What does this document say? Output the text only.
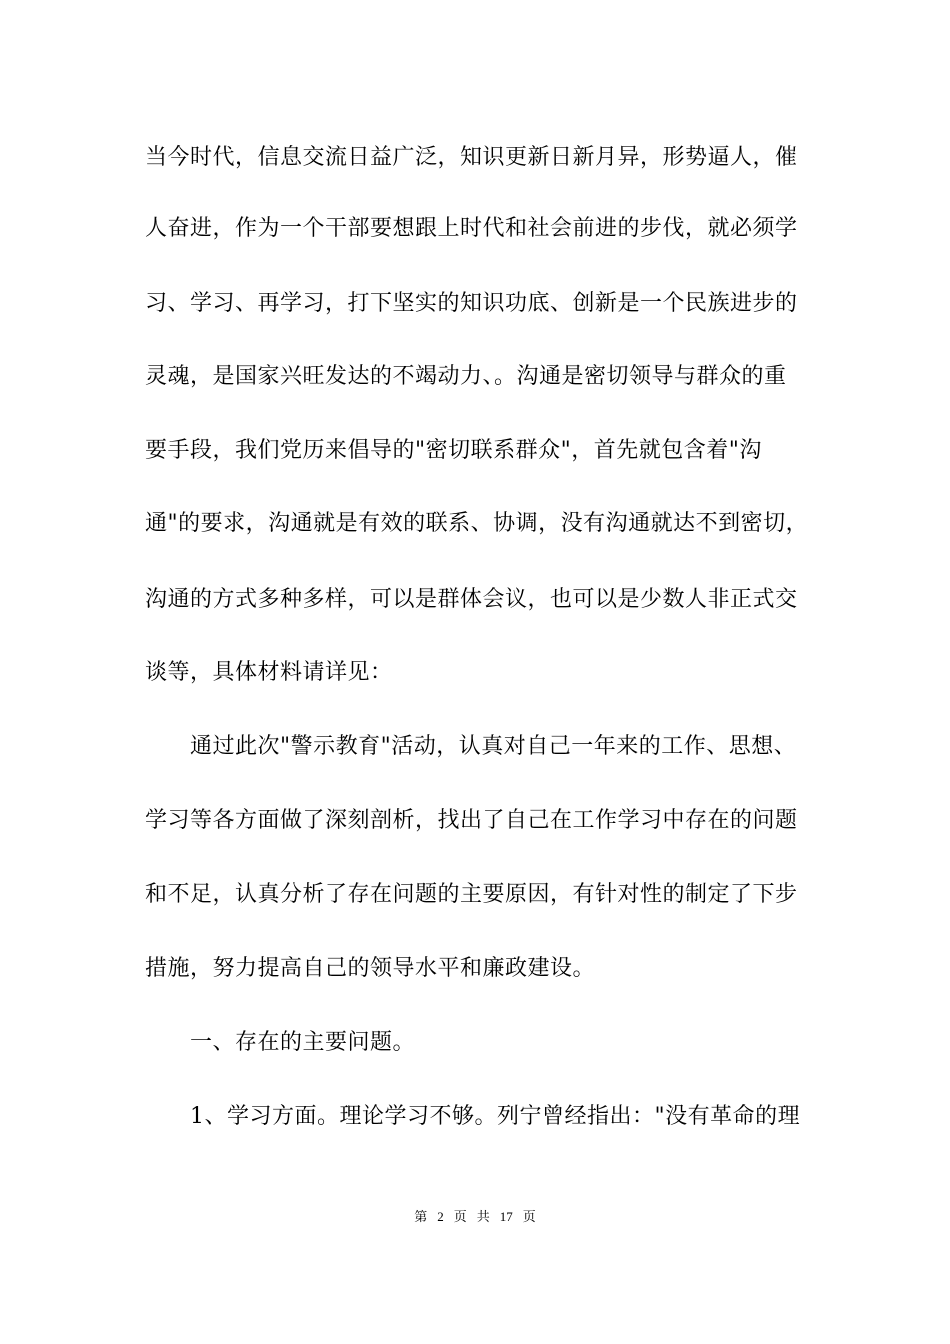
当今时代，信息交流日益广泛，知识更新日新月异，形势逼人，催
人奋进，作为一个干部要想跟上时代和社会前进的步伐，就必须学
习、学习、再学习，打下坚实的知识功底、创新是一个民族进步的
灵魂，是国家兴旺发达的不竭动力、。沟通是密切领导与群众的重
要手段，我们党历来倡导的"密切联系群众"，首先就包含着"沟
通"的要求，沟通就是有效的联系、协调，没有沟通就达不到密切，
沟通的方式多种多样，可以是群体会议，也可以是少数人非正式交
谈等，具体材料请详见：
通过此次"警示教育"活动，认真对自己一年来的工作、思想、
学习等各方面做了深刻剖析，找出了自己在工作学习中存在的问题
和不足，认真分析了存在问题的主要原因，有针对性的制定了下步
措施，努力提高自己的领导水平和廉政建设。
一、存在的主要问题。
1、学习方面。理论学习不够。列宁曾经指出："没有革命的理
第 2 页 共 17 页
